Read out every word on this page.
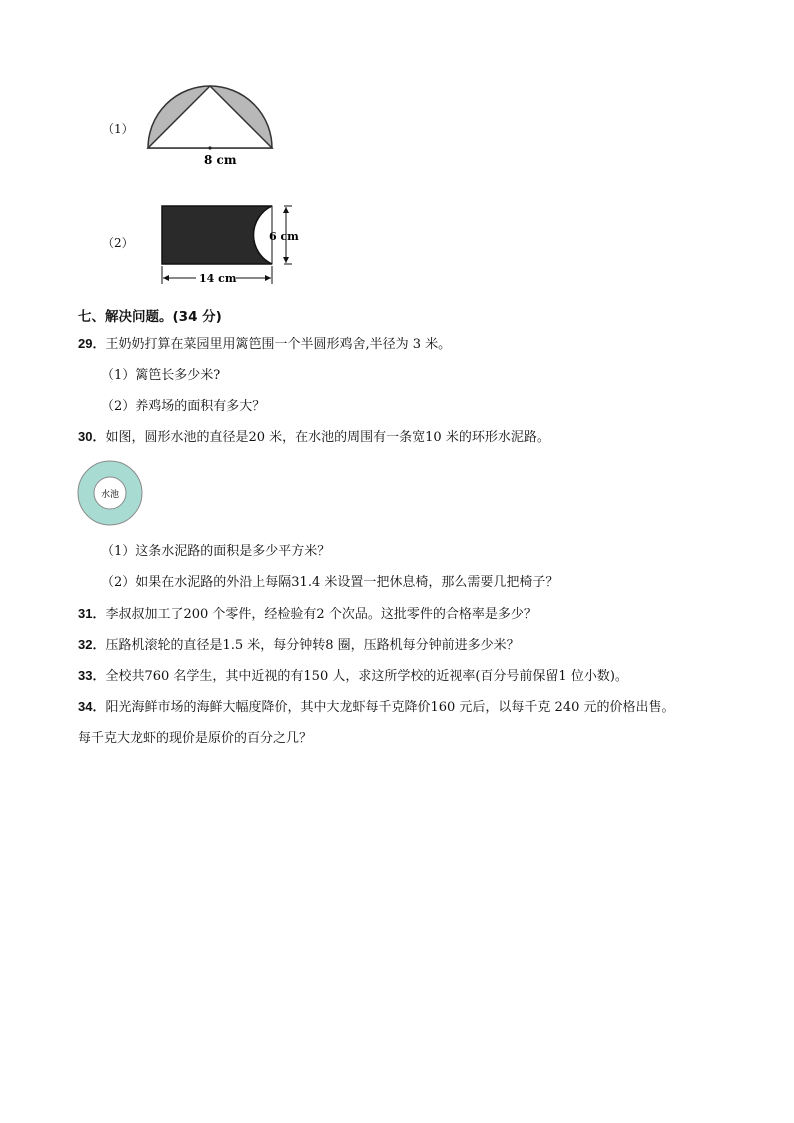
（1）
8 cm
（2）	6 cm
14 cm
七、解决问题。(34 分)
29．王奶奶打算在菜园里用篱笆围一个半圆形鸡舍,半径为 3 米。
（1）篱笆长多少米?
（2）养鸡场的面积有多大？
30．如图，圆形水池的直径是20 米，在水池的周围有一条宽10 米的环形水泥路。
水池
（1）这条水泥路的面积是多少平方米？
（2）如果在水泥路的外沿上每隔31.4 米设置一把休息椅，那么需要几把椅子？
31．李叔叔加工了200 个零件，经检验有2 个次品。这批零件的合格率是多少？
32．压路机滚轮的直径是1.5 米，每分钟转8 圈，压路机每分钟前进多少米？
33．全校共760 名学生，其中近视的有150 人，求这所学校的近视率(百分号前保留1 位小数)。
34．阳光海鲜市场的海鲜大幅度降价，其中大龙虾每千克降价160 元后，以每千克 240 元的价格出售。
每千克大龙虾的现价是原价的百分之几？
